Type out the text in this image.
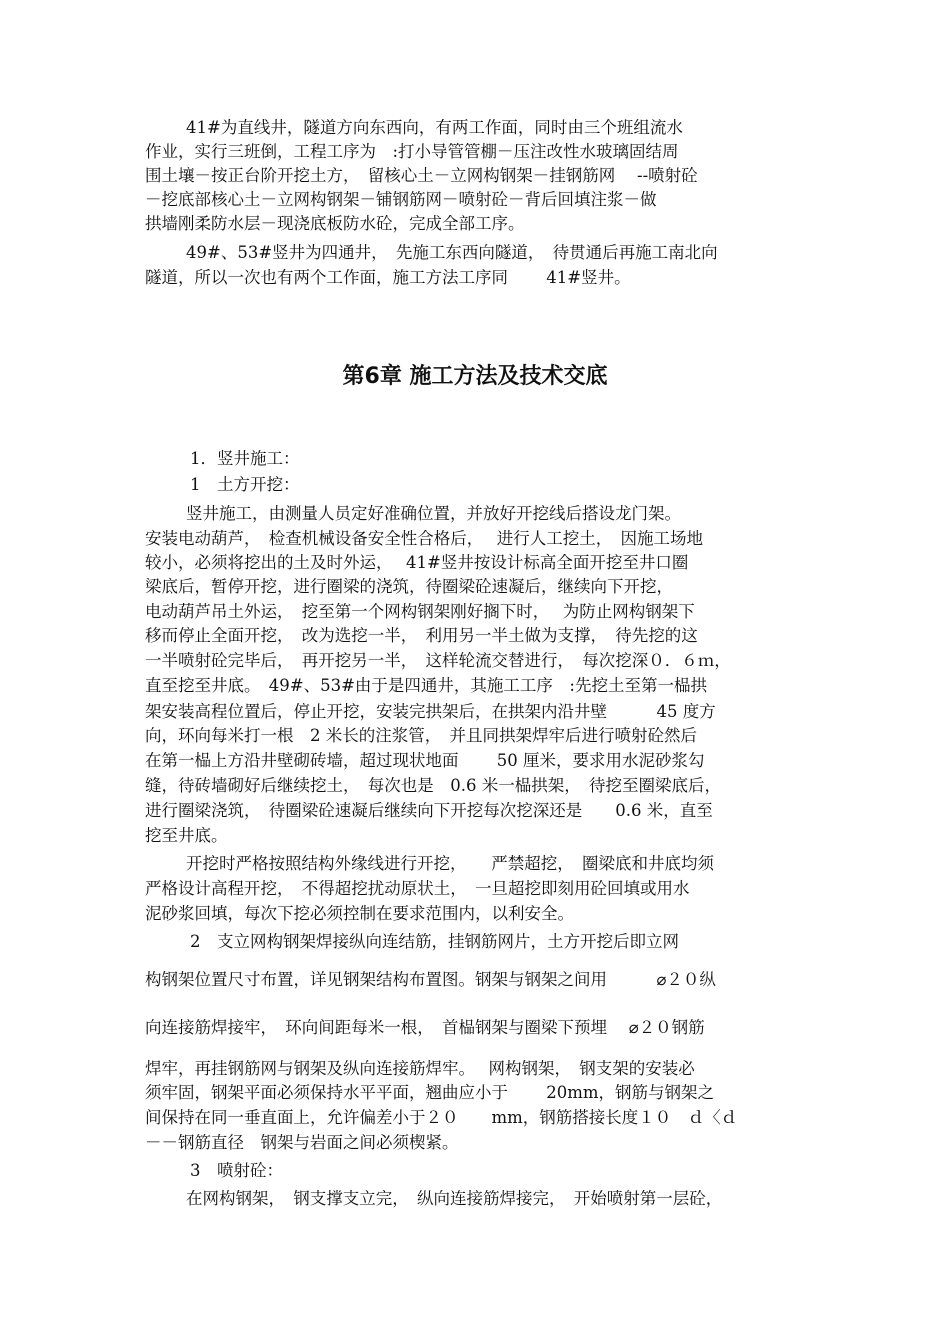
41#为直线井，隧道方向东西向，有两工作面，同时由三个班组流水
作业，实行三班倒，工程工序为　:打小导管管棚－压注改性水玻璃固结周
围土壤－按正台阶开挖土方，　留核心土－立网构钢架－挂钢筋网　 --喷射砼
－挖底部核心土－立网构钢架－铺钢筋网－喷射砼－背后回填注浆－做
拱墙刚柔防水层－现浇底板防水砼，完成全部工序。
49#、53#竖井为四通井，　先施工东西向隧道，　待贯通后再施工南北向
隧道，所以一次也有两个工作面，施工方法工序同　　 41#竖井。
第6章 施工方法及技术交底
1．竖井施工：
1　土方开挖：
竖井施工，由测量人员定好准确位置，并放好开挖线后搭设龙门架。
安装电动葫芦，　检查机械设备安全性合格后，　 进行人工挖土，　因施工场地
较小，必须将挖出的土及时外运，　 41#竖井按设计标高全面开挖至井口圈
梁底后，暂停开挖，进行圈梁的浇筑，待圈梁砼速凝后，继续向下开挖，
电动葫芦吊土外运，　挖至第一个网构钢架刚好搁下时，　 为防止网构钢架下
移而停止全面开挖，　改为选挖一半，　利用另一半土做为支撑，　待先挖的这
一半喷射砼完毕后，　再开挖另一半，　这样轮流交替进行，　每次挖深０．６ｍ，
直至挖至井底。　49#、53#由于是四通井，其施工工序　:先挖土至第一榀拱
架安装高程位置后，停止开挖，安装完拱架后，在拱架内沿井壁　　　45 度方
向，环向每米打一根　2 米长的注浆管，　并且同拱架焊牢后进行喷射砼然后
在第一榀上方沿井壁砌砖墙，超过现状地面　　 50 厘米，要求用水泥砂浆勾
缝，待砖墙砌好后继续挖土，　每次也是　0.6 米一榀拱架，　待挖至圈梁底后，
进行圈梁浇筑，　待圈梁砼速凝后继续向下开挖每次挖深还是　　0.6 米，直至
挖至井底。
开挖时严格按照结构外缘线进行开挖，　　严禁超挖，　圈梁底和井底均须
严格设计高程开挖，　不得超挖扰动原状土，　一旦超挖即刻用砼回填或用水
泥砂浆回填，每次下挖必须控制在要求范围内，以利安全。
2　支立网构钢架焊接纵向连结筋，挂钢筋网片，土方开挖后即立网
构钢架位置尺寸布置，详见钢架结构布置图。钢架与钢架之间用　　　⌀２０纵
向连接筋焊接牢，　环向间距每米一根，　首榀钢架与圈梁下预埋　 ⌀２０钢筋
焊牢，再挂钢筋网与钢架及纵向连接筋焊牢。　 网构钢架，　钢支架的安装必
须牢固，钢架平面必须保持水平平面，翘曲应小于　　 20mm，钢筋与钢架之
间保持在同一垂直面上，允许偏差小于２０　　mm，钢筋搭接长度１０　ｄ〈ｄ
－－钢筋直径　钢架与岩面之间必须楔紧。
3　喷射砼：
在网构钢架，　钢支撑支立完，　纵向连接筋焊接完，　开始喷射第一层砼，
